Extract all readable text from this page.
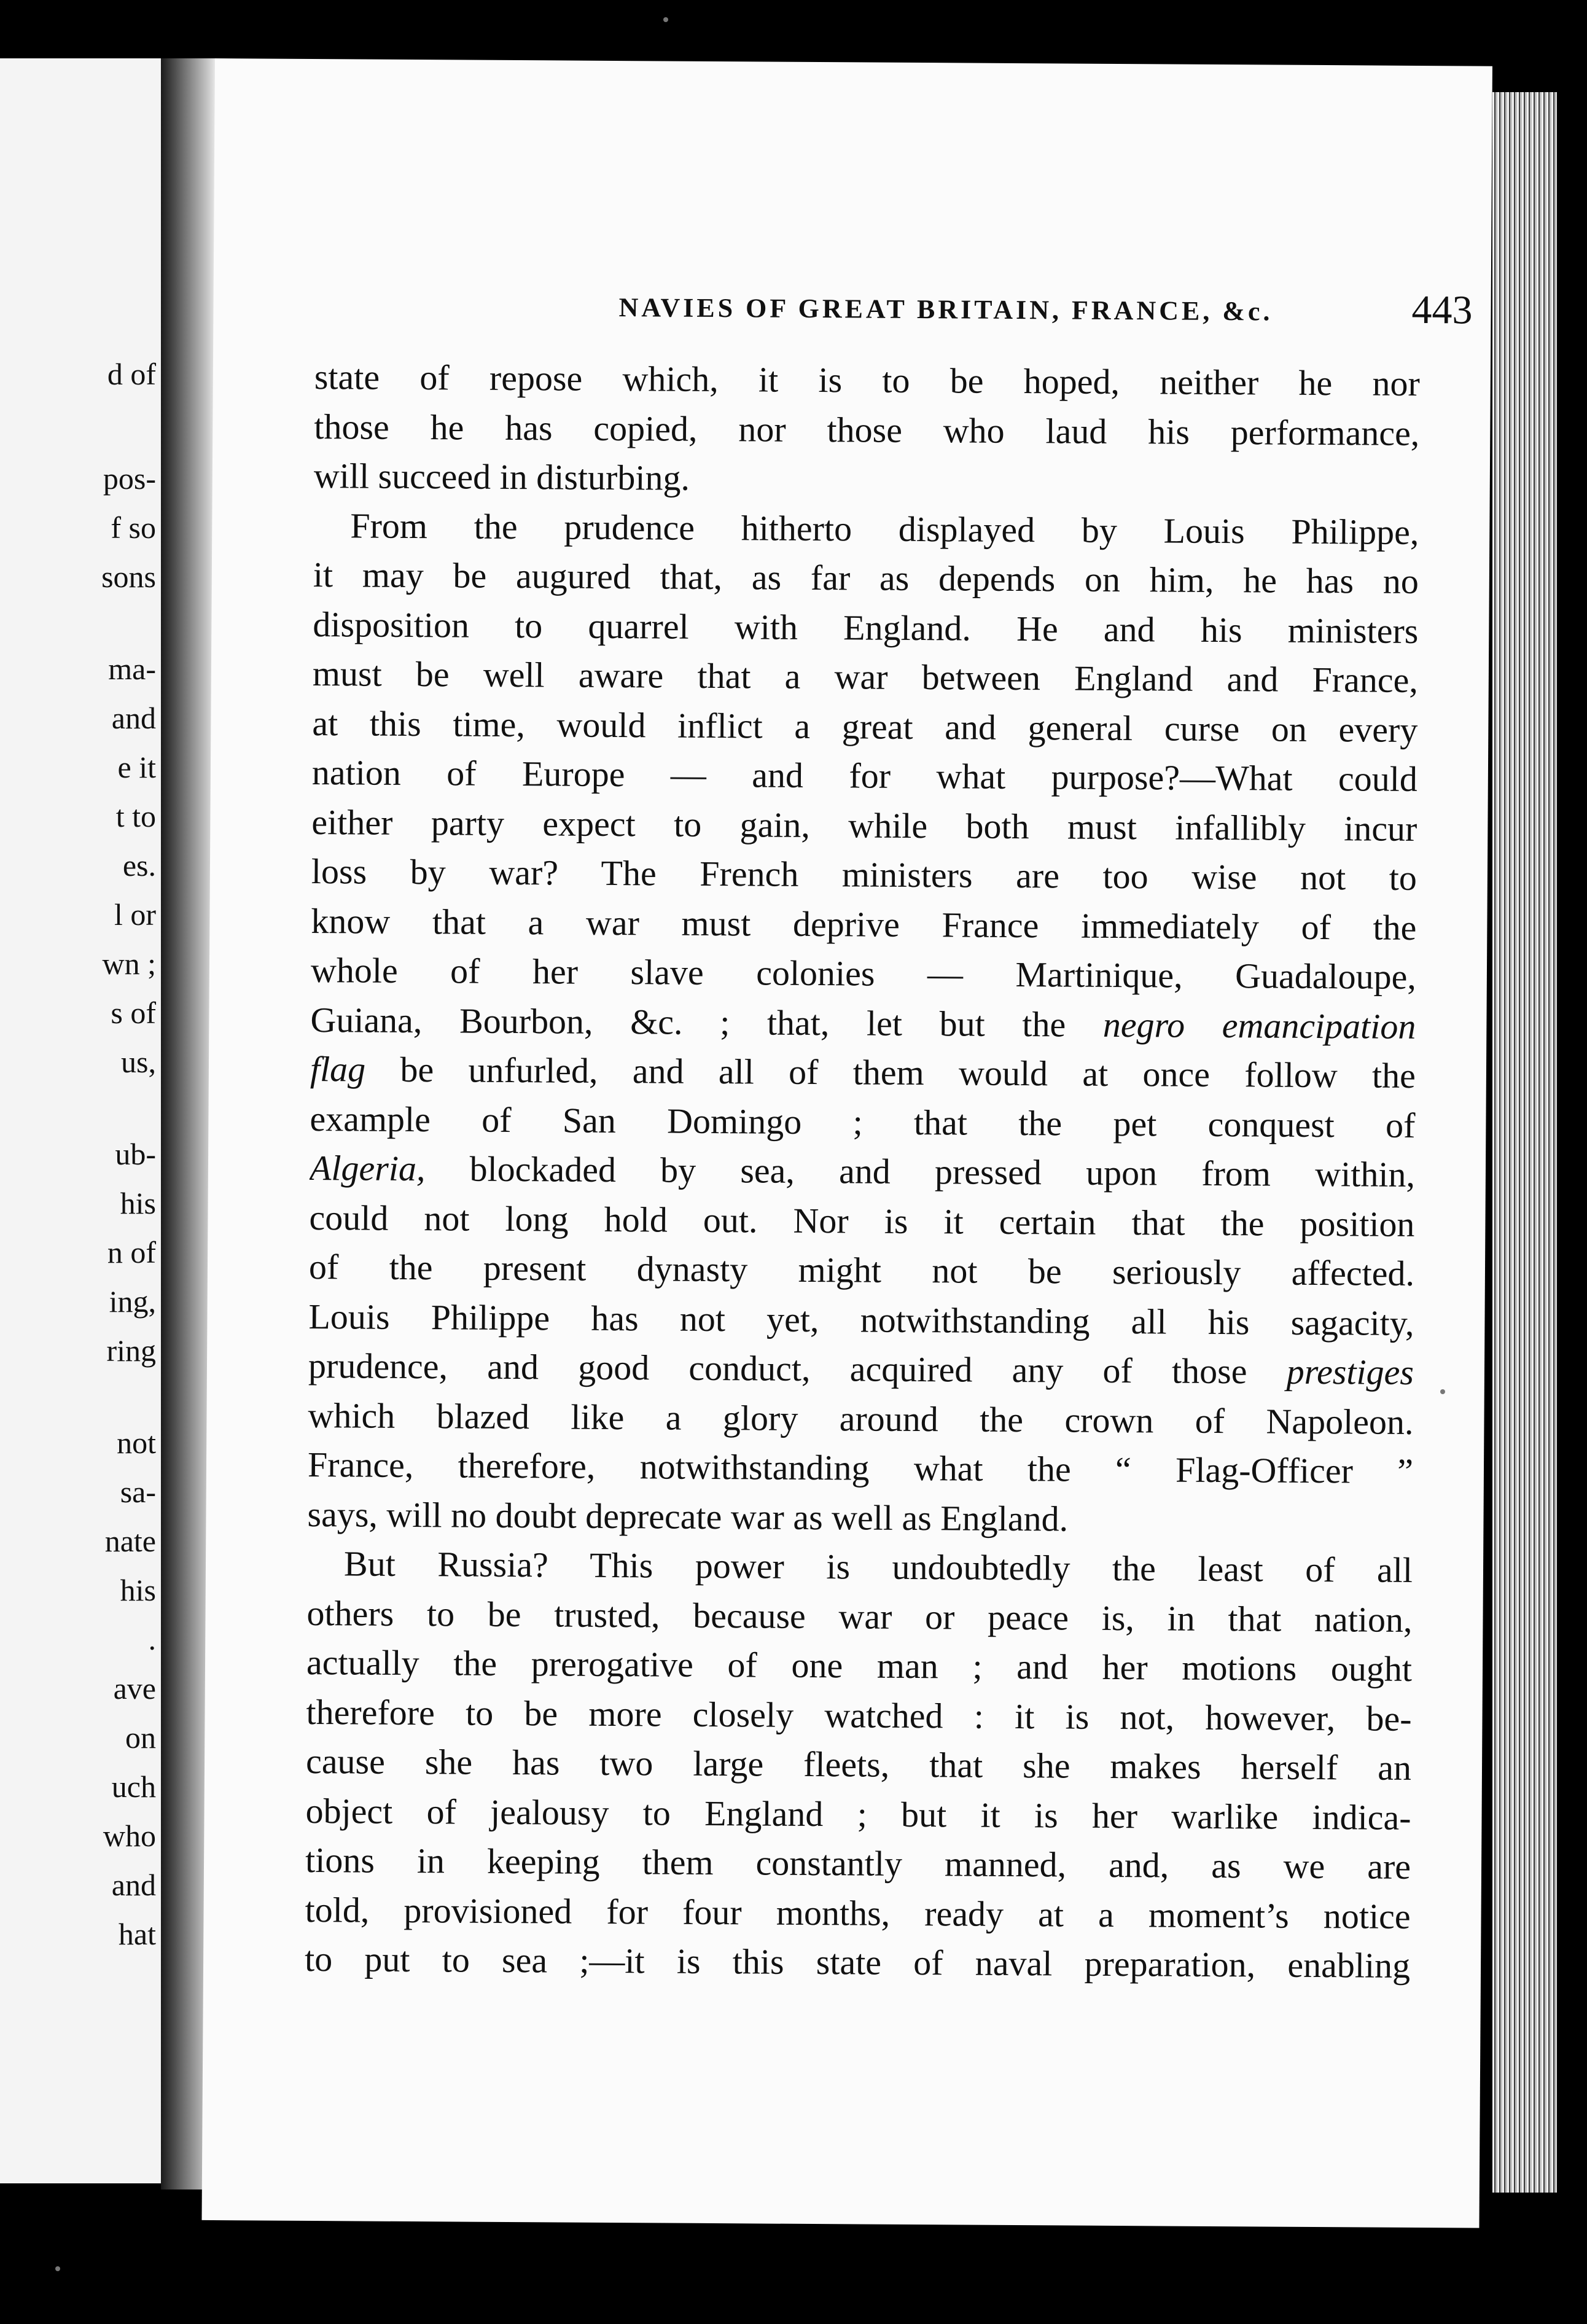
d of
pos-
f so
sons
ma-
and
e it
t to
es.
l or
wn ;
s of
us,
ub-
his
n of
ing,
ring
not
sa-
nate
his
.
ave
on
uch
who
and
hat
NAVIES OF GREAT BRITAIN, FRANCE, &c.	443
state of repose which, it is to be hoped, neither he nor
those he has copied, nor those who laud his performance,
will succeed in disturbing.
From the prudence hitherto displayed by Louis Philippe,
it may be augured that, as far as depends on him, he has no
disposition to quarrel with England. He and his ministers
must be well aware that a war between England and France,
at this time, would inflict a great and general curse on every
nation of Europe — and for what purpose?—What could
either party expect to gain, while both must infallibly incur
loss by war? The French ministers are too wise not to
know that a war must deprive France immediately of the
whole of her slave colonies — Martinique, Guadaloupe,
Guiana, Bourbon, &c. ; that, let but the negro emancipation
flag be unfurled, and all of them would at once follow the
example of San Domingo ; that the pet conquest of
Algeria, blockaded by sea, and pressed upon from within,
could not long hold out. Nor is it certain that the position
of the present dynasty might not be seriously affected.
Louis Philippe has not yet, notwithstanding all his sagacity,
prudence, and good conduct, acquired any of those prestiges
which blazed like a glory around the crown of Napoleon.
France, therefore, notwithstanding what the “ Flag-Officer ”
says, will no doubt deprecate war as well as England.
But Russia? This power is undoubtedly the least of all
others to be trusted, because war or peace is, in that nation,
actually the prerogative of one man ; and her motions ought
therefore to be more closely watched : it is not, however, be-
cause she has two large fleets, that she makes herself an
object of jealousy to England ; but it is her warlike indica-
tions in keeping them constantly manned, and, as we are
told, provisioned for four months, ready at a moment’s notice
to put to sea ;—it is this state of naval preparation, enabling
